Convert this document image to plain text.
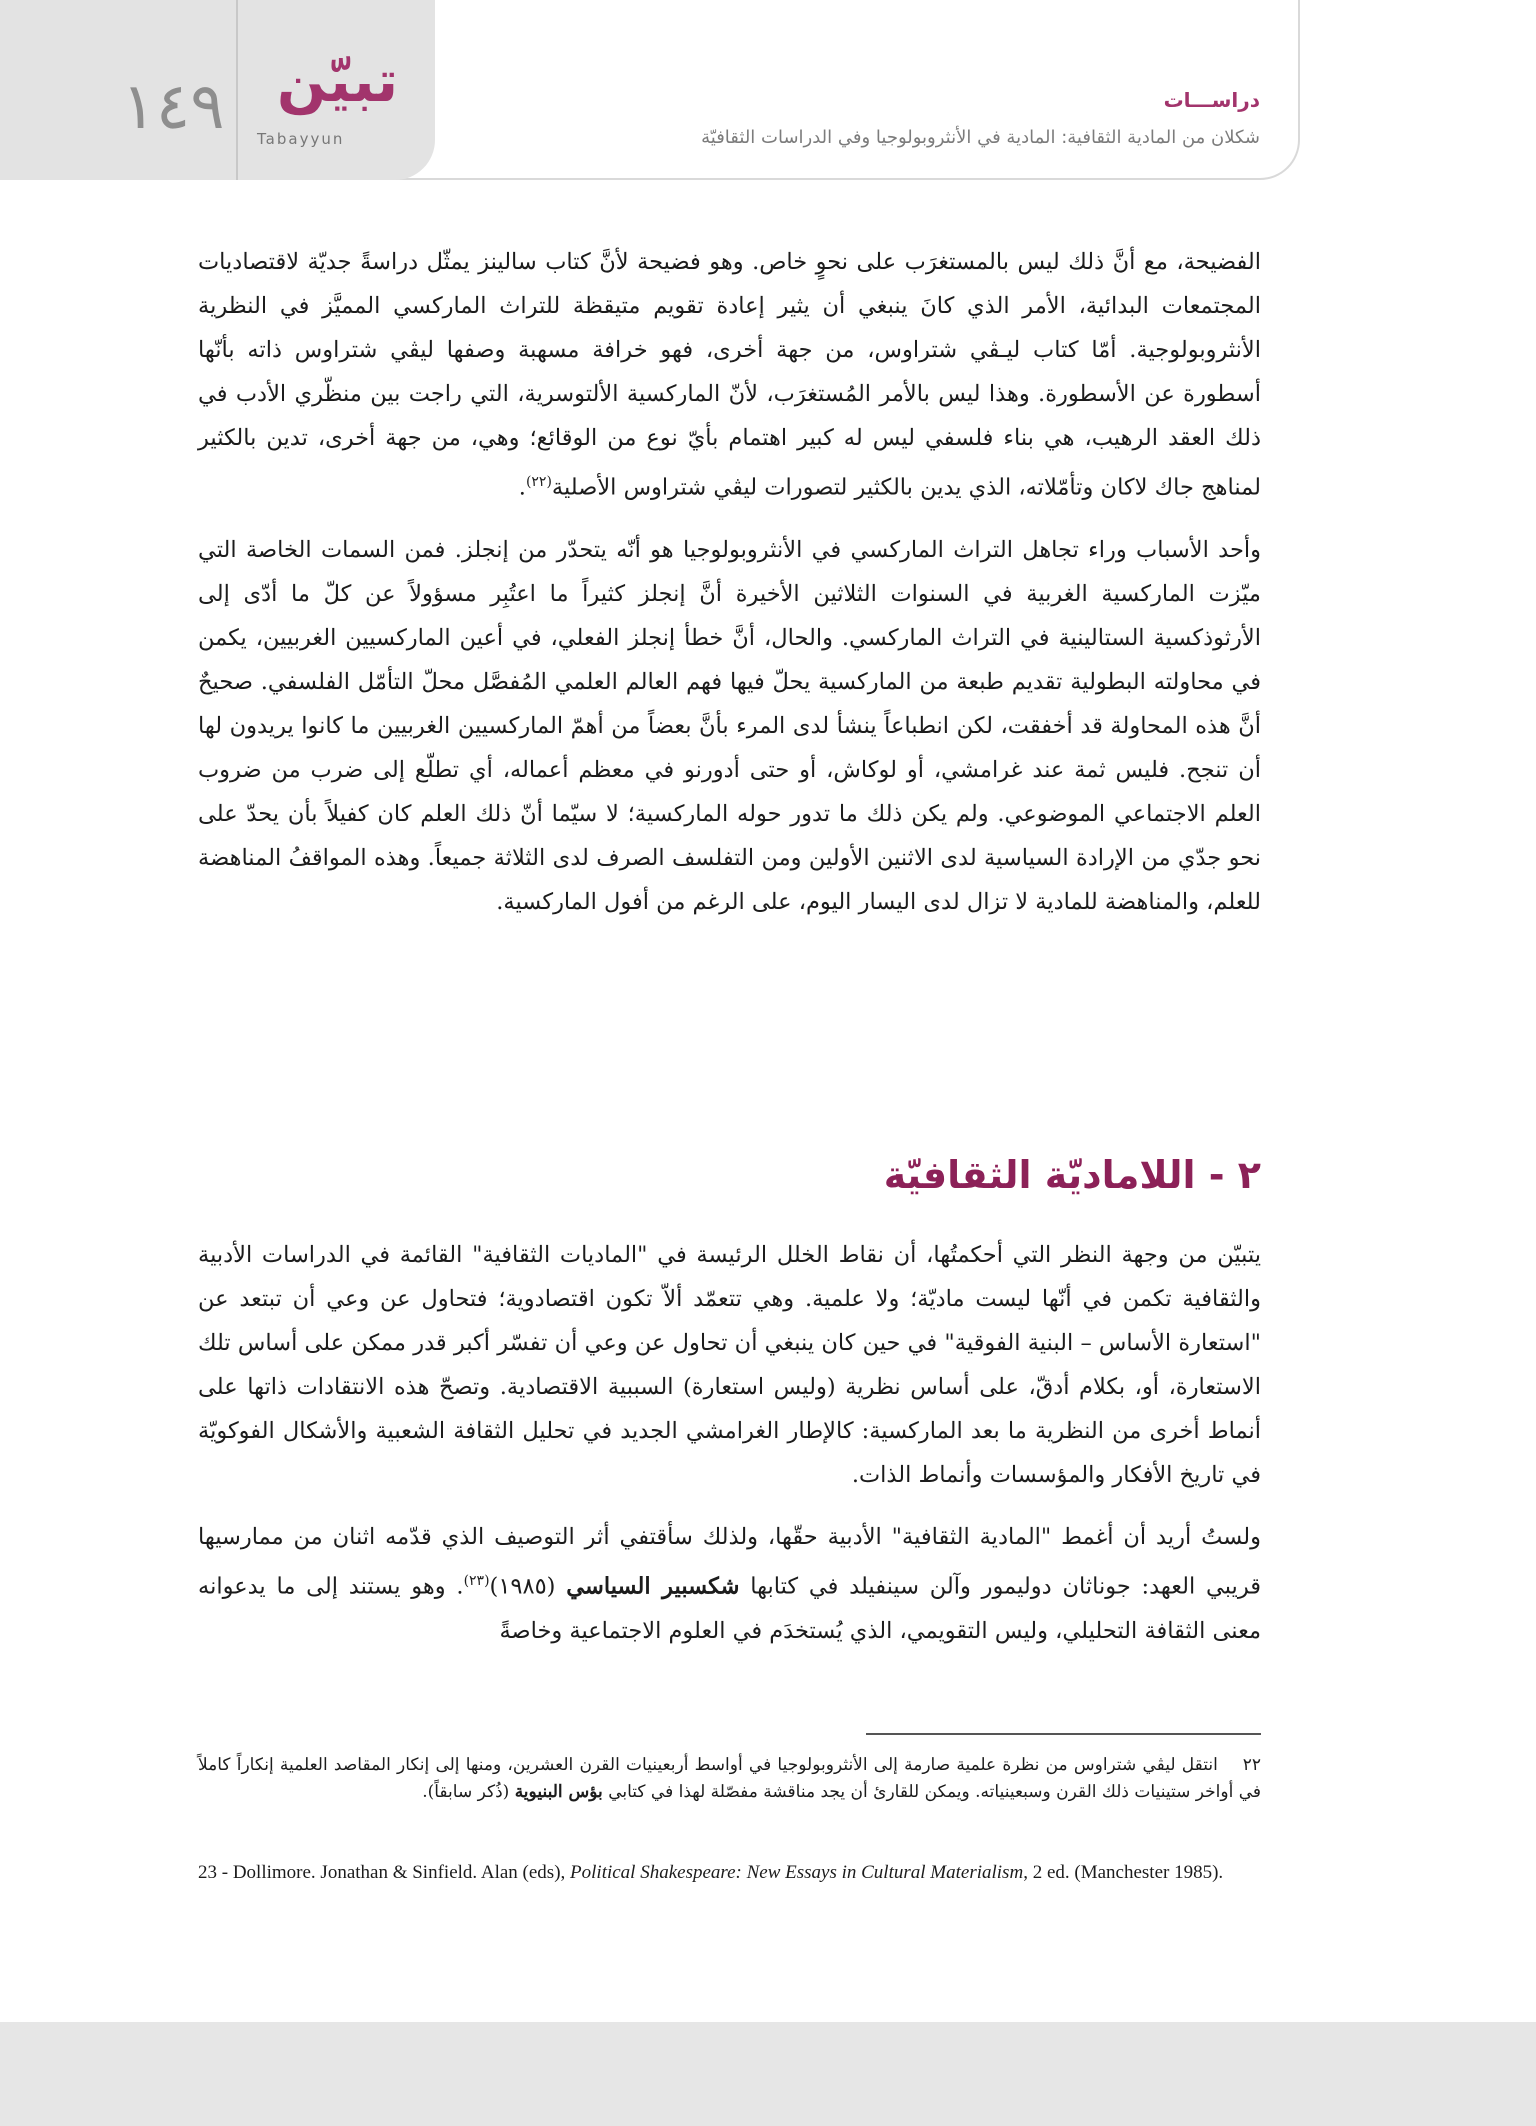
١٤٩ تبيّن
Tabayyun
دراســـات
شكلان من المادية الثقافية: المادية في الأنثروبولوجيا وفي الدراسات الثقافيّة

الفضيحة، مع أنَّ ذلك ليس بالمستغرَب على نحوٍ خاص. وهو فضيحة لأنَّ كتاب سالينز يمثّل دراسةً جديّة لاقتصاديات المجتمعات البدائية، الأمر الذي كانَ ينبغي أن يثير إعادة تقويم متيقظة للتراث الماركسي المميَّز في النظرية الأنثروبولوجية. أمّا كتاب ليـڤي شتراوس، من جهة أخرى، فهو خرافة مسهبة وصفها ليڤي شتراوس ذاته بأنّها أسطورة عن الأسطورة. وهذا ليس بالأمر المُستغرَب، لأنّ الماركسية الألتوسرية، التي راجت بين منظّري الأدب في ذلك العقد الرهيب، هي بناء فلسفي ليس له كبير اهتمام بأيّ نوع من الوقائع؛ وهي، من جهة أخرى، تدين بالكثير لمناهج جاك لاكان وتأمّلاته، الذي يدين بالكثير لتصورات ليڤي شتراوس الأصلية$^{(٢٢)}$.

وأحد الأسباب وراء تجاهل التراث الماركسي في الأنثروبولوجيا هو أنّه يتحدّر من إنجلز. فمن السمات الخاصة التي ميّزت الماركسية الغربية في السنوات الثلاثين الأخيرة أنَّ إنجلز كثيراً ما اعتُبِر مسؤولاً عن كلّ ما أدّى إلى الأرثوذكسية الستالينية في التراث الماركسي. والحال، أنَّ خطأ إنجلز الفعلي، في أعين الماركسيين الغربيين، يكمن في محاولته البطولية تقديم طبعة من الماركسية يحلّ فيها فهم العالم العلمي المُفصَّل محلّ التأمّل الفلسفي. صحيحٌ أنَّ هذه المحاولة قد أخفقت، لكن انطباعاً ينشأ لدى المرء بأنَّ بعضاً من أهمّ الماركسيين الغربيين ما كانوا يريدون لها أن تنجح. فليس ثمة عند غرامشي، أو لوكاش، أو حتى أدورنو في معظم أعماله، أي تطلّع إلى ضرب من ضروب العلم الاجتماعي الموضوعي. ولم يكن ذلك ما تدور حوله الماركسية؛ لا سيّما أنّ ذلك العلم كان كفيلاً بأن يحدّ على نحو جدّي من الإرادة السياسية لدى الاثنين الأولين ومن التفلسف الصرف لدى الثلاثة جميعاً. وهذه المواقفُ المناهضة للعلم، والمناهضة للمادية لا تزال لدى اليسار اليوم، على الرغم من أفول الماركسية.

٢ - اللاماديّة الثقافيّة

يتبيّن من وجهة النظر التي أحكمتُها، أن نقاط الخلل الرئيسة في "الماديات الثقافية" القائمة في الدراسات الأدبية والثقافية تكمن في أنّها ليست ماديّة؛ ولا علمية. وهي تتعمّد ألاّ تكون اقتصادوية؛ فتحاول عن وعي أن تبتعد عن "استعارة الأساس – البنية الفوقية" في حين كان ينبغي أن تحاول عن وعي أن تفسّر أكبر قدر ممكن على أساس تلك الاستعارة، أو، بكلام أدقّ، على أساس نظرية (وليس استعارة) السببية الاقتصادية. وتصحّ هذه الانتقادات ذاتها على أنماط أخرى من النظرية ما بعد الماركسية: كالإطار الغرامشي الجديد في تحليل الثقافة الشعبية والأشكال الفوكويّة في تاريخ الأفكار والمؤسسات وأنماط الذات.

ولستُ أريد أن أغمط "المادية الثقافية" الأدبية حقّها، ولذلك سأقتفي أثر التوصيف الذي قدّمه اثنان من ممارسيها قريبي العهد: جوناثان دوليمور وآلن سينفيلد في كتابها شكسبير السياسي (١٩٨٥)$^{(٢٣)}$. وهو يستند إلى ما يدعوانه معنى الثقافة التحليلي، وليس التقويمي، الذي يُستخدَم في العلوم الاجتماعية وخاصةً

٢٢    انتقل ليڤي شتراوس من نظرة علمية صارمة إلى الأنثروبولوجيا في أواسط أربعينيات القرن العشرين، ومنها إلى إنكار المقاصد العلمية إنكاراً كاملاً في أواخر ستينيات ذلك القرن وسبعينياته. ويمكن للقارئ أن يجد مناقشة مفصّلة لهذا في كتابي بؤس البنيوية (ذُكر سابقاً).
23 - Dollimore. Jonathan & Sinfield. Alan (eds), Political Shakespeare: New Essays in Cultural Materialism, 2 ed. (Manchester 1985).
